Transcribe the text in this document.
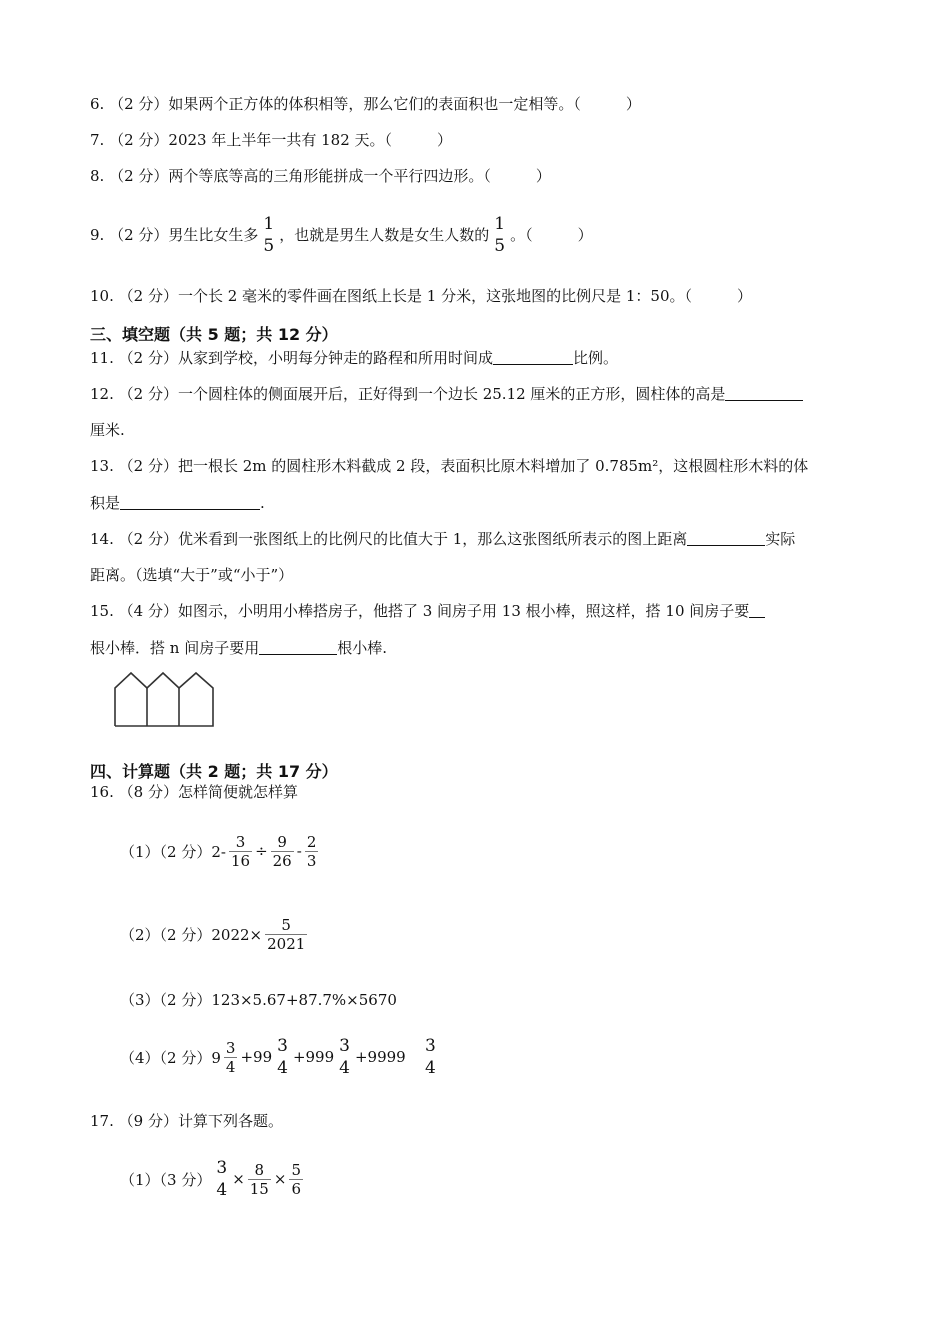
6. （2 分）如果两个正方体的体积相等，那么它们的表面积也一定相等。（　　　）
7. （2 分）2023 年上半年一共有 182 天。（　　　）
8. （2 分）两个等底等高的三角形能拼成一个平行四边形。（　　　）
9.
（2 分） 男生比女生多
1
5
，也就是男生人数是女生人数的
1
5
。（　　　）
10. （2 分）一个长 2 毫米的零件画在图纸上长是 1 分米，这张地图的比例尺是 1：50。（　　　）
三、填空题（共 5 题；共 12 分）
11. （2 分）从家到学校，小明每分钟走的路程和所用时间成	比例。
12. （2 分）一个圆柱体的侧面展开后，正好得到一个边长 25.12 厘米的正方形，圆柱体的高是
厘米.
13. （2 分）把一根长 2m 的圆柱形木料截成 2 段，表面积比原木料增加了 0.785m²，这根圆柱形木料的体
积是	.
14. （2 分）优米看到一张图纸上的比例尺的比值大于 1，那么这张图纸所表示的图上距离	实际
距离。（选填“大于”或“小于”）
15. （4 分）如图示，小明用小棒搭房子，他搭了 3 间房子用 13 根小棒，照这样，搭 10 间房子要
根小棒．搭 n 间房子要用	根小棒.
四、计算题（共 2 题；共 17 分）
16. （8 分）怎样简便就怎样算
（1）（2 分）$2- \frac{3}{16} \div \frac{9}{26} - \frac{2}{3}$
（2）（2 分）$2022\times \frac{5}{2021}$
（3）（2 分）123×5.67+87.7%×5670
（4）（2 分）$9 \frac{3}{4} +99$
3
4
+999
3
4
+9999

3
4
17. （9 分）计算下列各题。
（1）（3 分）
3
4
× $\frac{8}{15} \times \frac{5}{6}$
